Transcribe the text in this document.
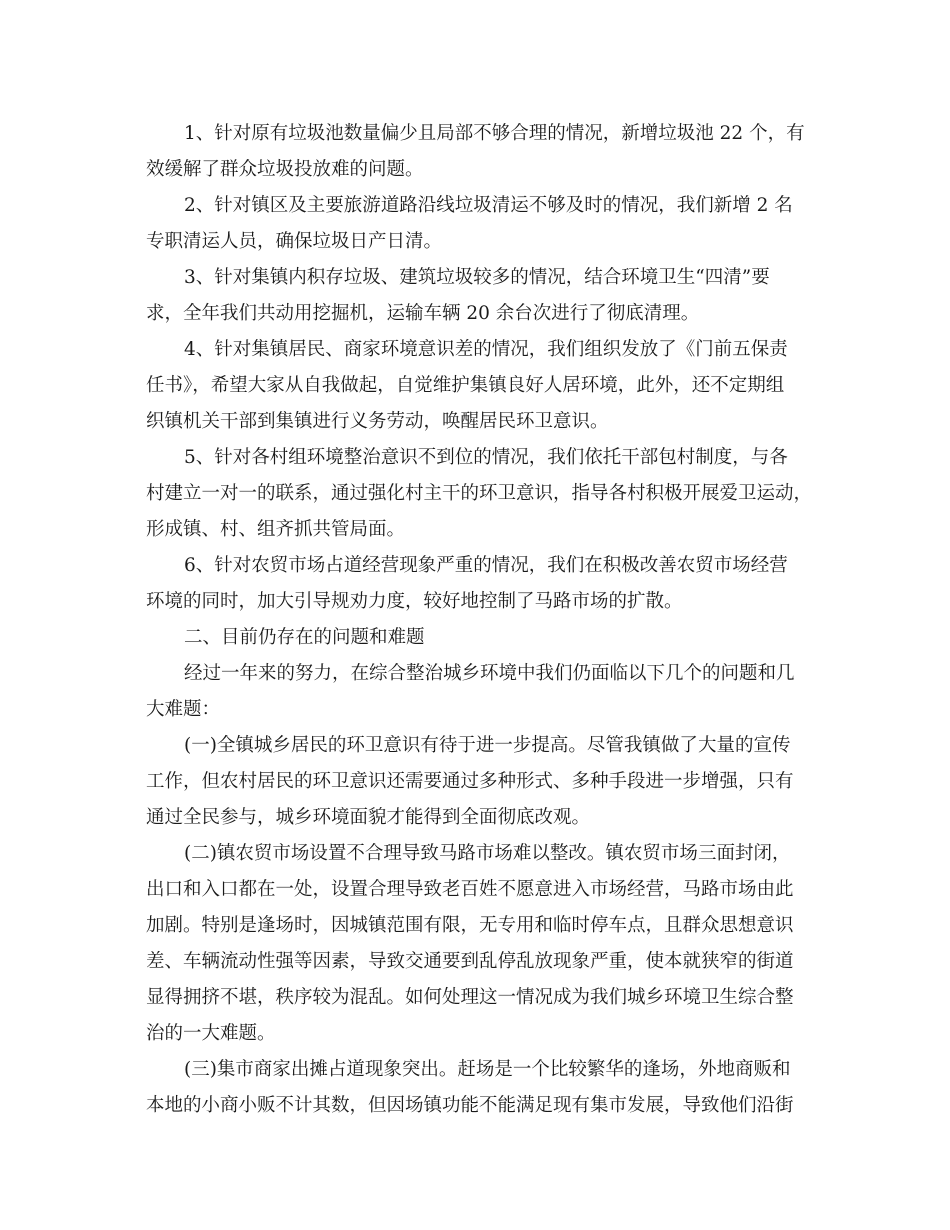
1、针对原有垃圾池数量偏少且局部不够合理的情况，新增垃圾池 22 个，有
效缓解了群众垃圾投放难的问题。
2、针对镇区及主要旅游道路沿线垃圾清运不够及时的情况，我们新增 2 名
专职清运人员，确保垃圾日产日清。
3、针对集镇内积存垃圾、建筑垃圾较多的情况，结合环境卫生“四清”要
求，全年我们共动用挖掘机，运输车辆 20 余台次进行了彻底清理。
4、针对集镇居民、商家环境意识差的情况，我们组织发放了《门前五保责
任书》，希望大家从自我做起，自觉维护集镇良好人居环境，此外，还不定期组
织镇机关干部到集镇进行义务劳动，唤醒居民环卫意识。
5、针对各村组环境整治意识不到位的情况，我们依托干部包村制度，与各
村建立一对一的联系，通过强化村主干的环卫意识，指导各村积极开展爱卫运动，
形成镇、村、组齐抓共管局面。
6、针对农贸市场占道经营现象严重的情况，我们在积极改善农贸市场经营
环境的同时，加大引导规劝力度，较好地控制了马路市场的扩散。
二、目前仍存在的问题和难题
经过一年来的努力，在综合整治城乡环境中我们仍面临以下几个的问题和几
大难题：
(一)全镇城乡居民的环卫意识有待于进一步提高。尽管我镇做了大量的宣传
工作，但农村居民的环卫意识还需要通过多种形式、多种手段进一步增强，只有
通过全民参与，城乡环境面貌才能得到全面彻底改观。
(二)镇农贸市场设置不合理导致马路市场难以整改。镇农贸市场三面封闭，
出口和入口都在一处，设置合理导致老百姓不愿意进入市场经营，马路市场由此
加剧。特别是逢场时，因城镇范围有限，无专用和临时停车点，且群众思想意识
差、车辆流动性强等因素，导致交通要到乱停乱放现象严重，使本就狭窄的街道
显得拥挤不堪，秩序较为混乱。如何处理这一情况成为我们城乡环境卫生综合整
治的一大难题。
(三)集市商家出摊占道现象突出。赶场是一个比较繁华的逢场，外地商贩和
本地的小商小贩不计其数，但因场镇功能不能满足现有集市发展，导致他们沿街
